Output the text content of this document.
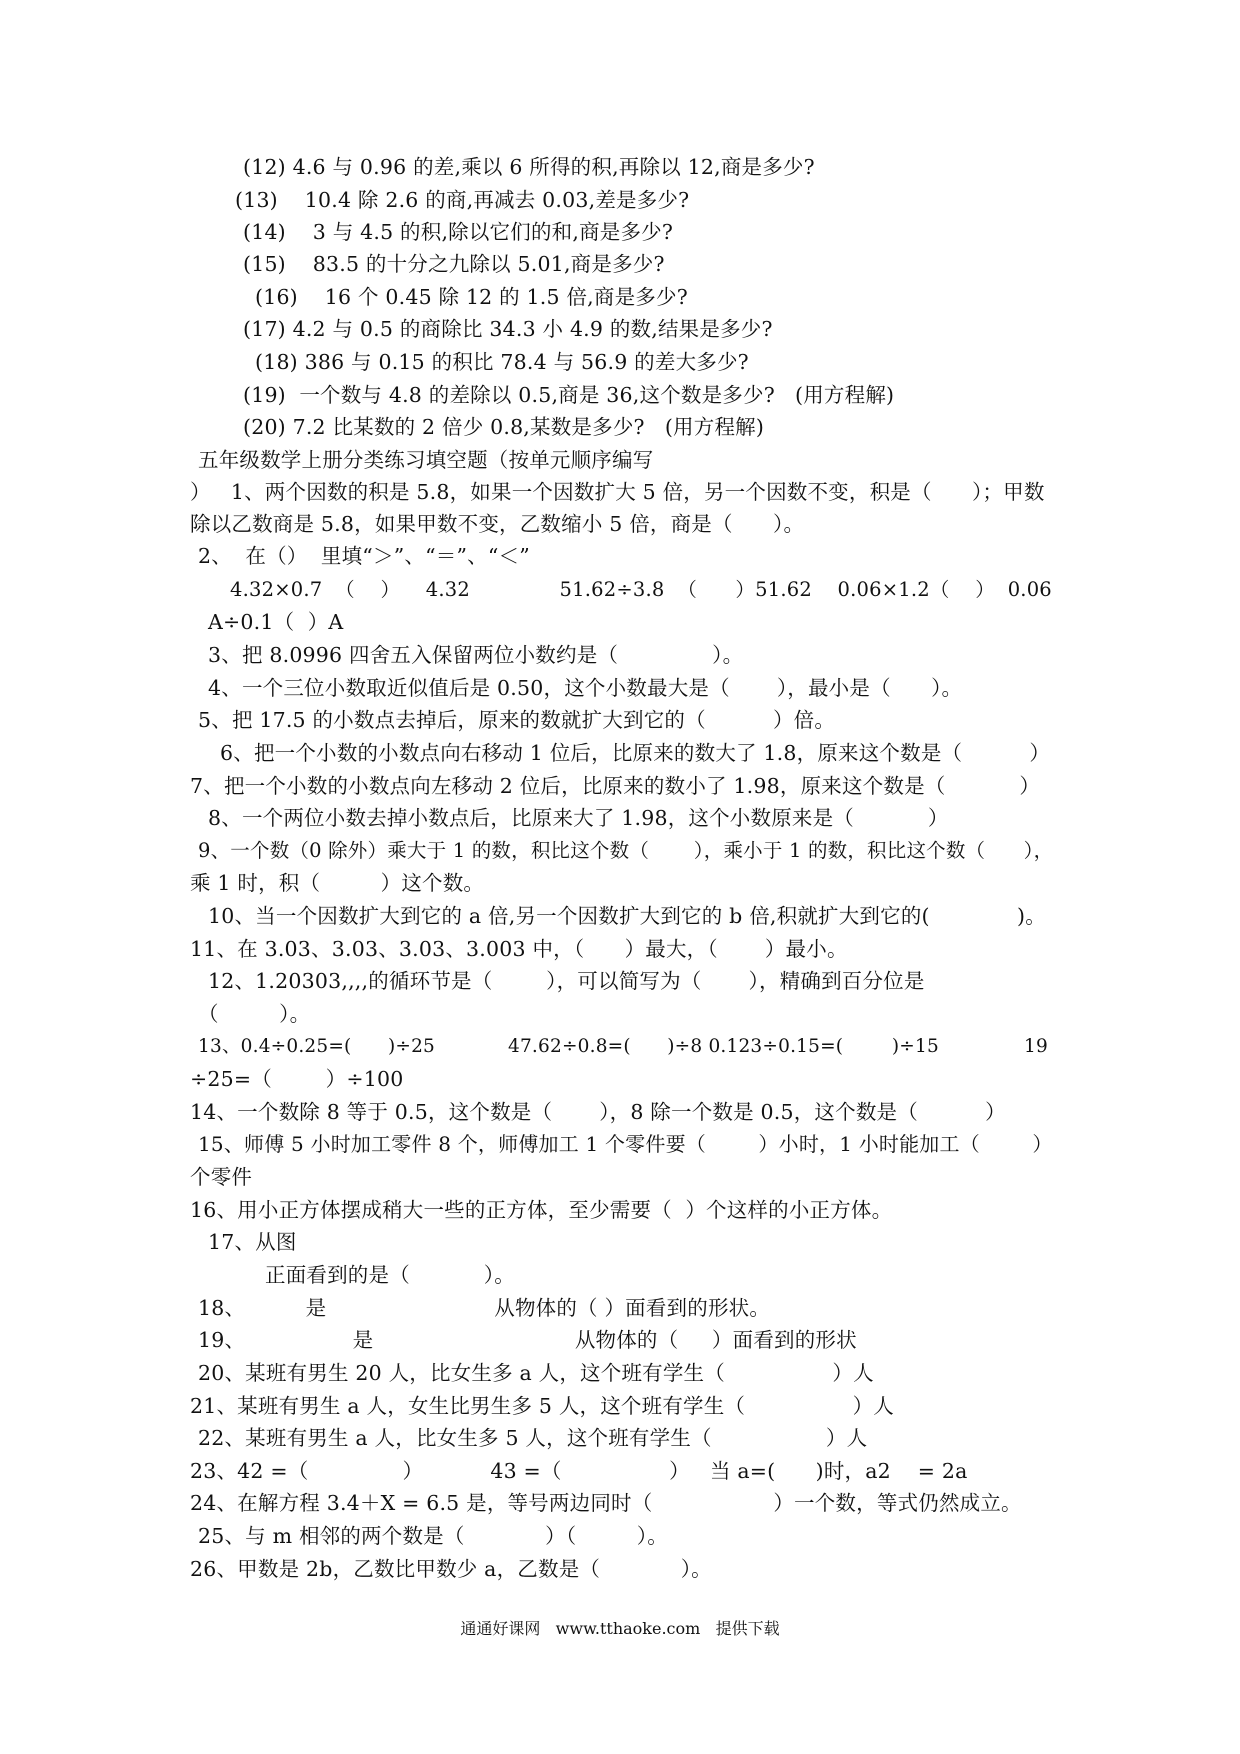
(12) 4.6 与 0.96 的差,乘以 6 所得的积,再除以 12,商是多少?
(13)    10.4 除 2.6 的商,再减去 0.03,差是多少?
(14)    3 与 4.5 的积,除以它们的和,商是多少?
(15)    83.5 的十分之九除以 5.01,商是多少?
(16)    16 个 0.45 除 12 的 1.5 倍,商是多少?
(17) 4.2 与 0.5 的商除比 34.3 小 4.9 的数,结果是多少?
(18) 386 与 0.15 的积比 78.4 与 56.9 的差大多少?
(19)  一个数与 4.8 的差除以 0.5,商是 36,这个数是多少?   (用方程解)
(20) 7.2 比某数的 2 倍少 0.8,某数是多少?   (用方程解)
五年级数学上册分类练习填空题（按单元顺序编写
）   1、两个因数的积是 5.8，如果一个因数扩大 5 倍，另一个因数不变，积是（      ）；甲数
除以乙数商是 5.8，如果甲数不变，乙数缩小 5 倍，商是（      ）。
2、  在（）  里填“＞”、“＝”、“＜”
4.32×0.7  （    ）    4.32              51.62÷3.8  （      ）51.62    0.06×1.2（    ）  0.06
A÷0.1（  ）A
3、把 8.0996 四舍五入保留两位小数约是（              ）。
4、一个三位小数取近似值后是 0.50，这个小数最大是（       ），最小是（      ）。
5、把 17.5 的小数点去掉后，原来的数就扩大到它的（          ）倍。
6、把一个小数的小数点向右移动 1 位后，比原来的数大了 1.8，原来这个数是（          ）
7、把一个小数的小数点向左移动 2 位后，比原来的数小了 1.98，原来这个数是（           ）
8、一个两位小数去掉小数点后，比原来大了 1.98，这个小数原来是（           ）
9、一个数（0 除外）乘大于 1 的数，积比这个数（       ），乘小于 1 的数，积比这个数（      ），
乘 1 时，积（         ）这个数。
10、当一个因数扩大到它的 a 倍,另一个因数扩大到它的 b 倍,积就扩大到它的(             )。
11、在 3.03、3.03、3.03、3.003 中，（      ）最大，（       ）最小。
12、1.20303,,,,的循环节是（        ），可以简写为（       ），精确到百分位是
（         ）。
13、0.4÷0.25=(      )÷25            47.62÷0.8=(      )÷8 0.123÷0.15=(        )÷15              19
÷25=（        ）÷100
14、一个数除 8 等于 0.5，这个数是（       ），8 除一个数是 0.5，这个数是（          ）
15、师傅 5 小时加工零件 8 个，师傅加工 1 个零件要（        ）小时，1 小时能加工（        ）
个零件
16、用小正方体摆成稍大一些的正方体，至少需要（  ）个这样的小正方体。
17、从图
正面看到的是（           ）。
18、         是                         从物体的（ ）面看到的形状。
19、                是                              从物体的（     ）面看到的形状
20、某班有男生 20 人，比女生多 a 人，这个班有学生（                ）人
21、某班有男生 a 人，女生比男生多 5 人，这个班有学生（                ）人
22、某班有男生 a 人，比女生多 5 人，这个班有学生（                 ）人
23、42 =（              ）          43 =（                ）   当 a=(      )时，a2    = 2a
24、在解方程 3.4＋X = 6.5 是，等号两边同时（                  ）一个数，等式仍然成立。
25、与 m 相邻的两个数是（            ）（         ）。
26、甲数是 2b，乙数比甲数少 a，乙数是（            ）。
通通好课网   www.tthaoke.com   提供下载
